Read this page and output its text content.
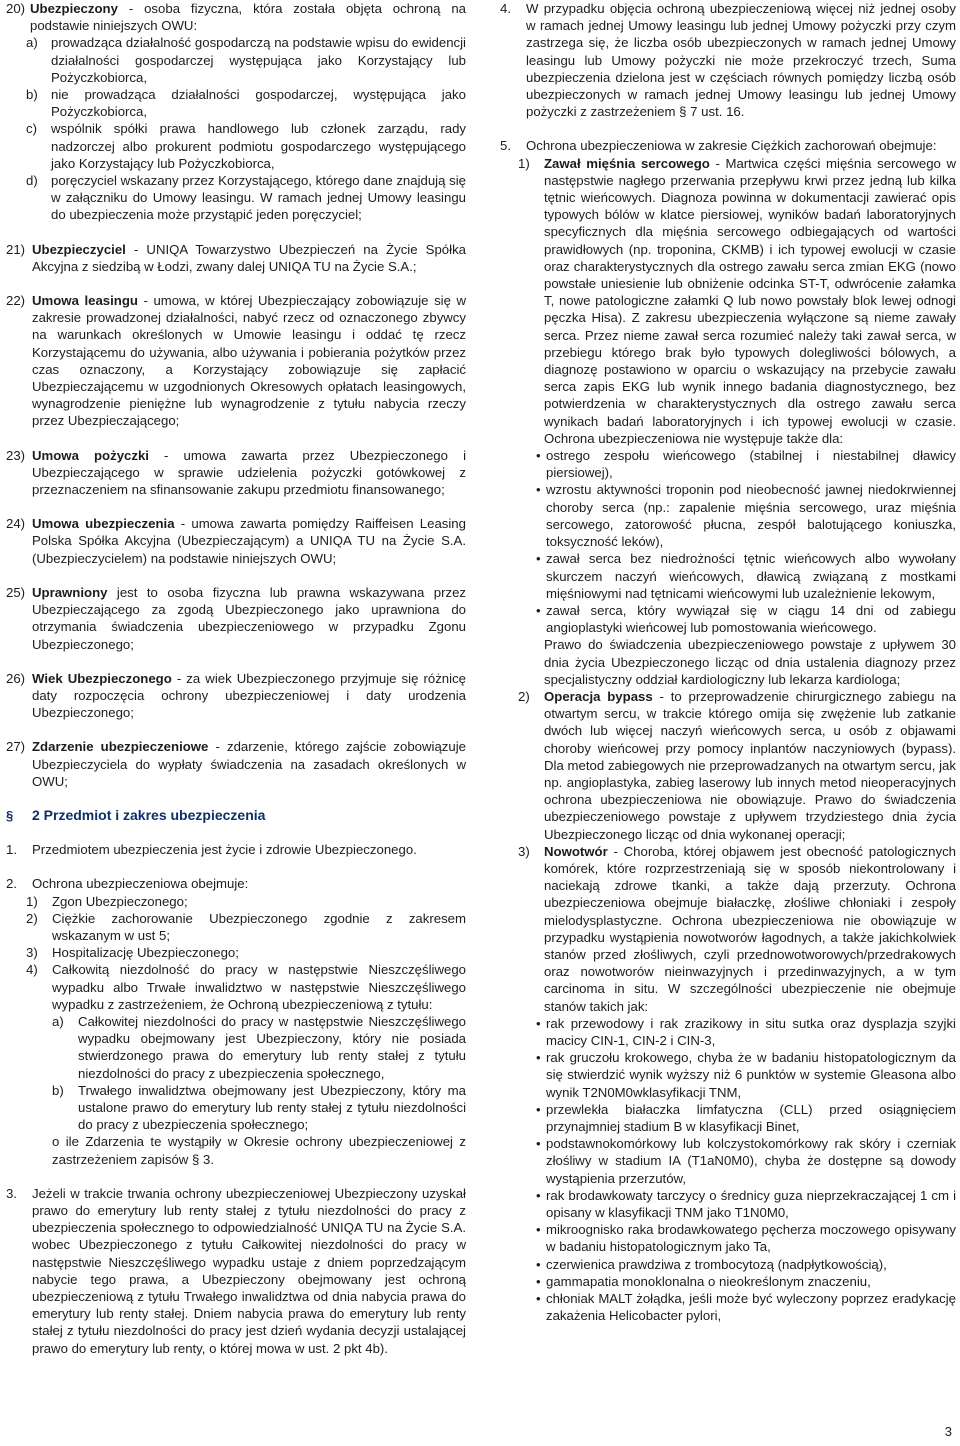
20) Ubezpieczony - osoba fizyczna, która została objęta ochroną na podstawie niniejszych OWU:

a)	prowadząca działalność gospodarczą na podstawie wpisu do ewidencji działalności gospodarczej występująca jako Korzystający lub Pożyczkobiorca,

b)	nie prowadząca działalności gospodarczej, występująca jako Pożyczkobiorca,

c)	wspólnik spółki prawa handlowego lub członek zarządu, rady nadzorczej albo prokurent podmiotu gospodarczego występującego jako Korzystający lub Pożyczkobiorca,

d)	poręczyciel wskazany przez Korzystającego, którego dane znajdują się w załączniku do Umowy leasingu. W ramach jednej Umowy leasingu do ubezpieczenia może przystąpić jeden poręczyciel;

21) Ubezpieczyciel - UNIQA Towarzystwo Ubezpieczeń na Życie Spółka Akcyjna z siedzibą w Łodzi, zwany dalej UNIQA TU na Życie S.A.;

22) Umowa leasingu - umowa, w której Ubezpieczający zobowiązuje się w zakresie prowadzonej działalności, nabyć rzecz od oznaczonego zbywcy na warunkach określonych w Umowie leasingu i oddać tę rzecz Korzystającemu do używania, albo używania i pobierania pożytków przez czas oznaczony, a Korzystający zobowiązuje się zapłacić Ubezpieczającemu w uzgodnionych Okresowych opłatach leasingowych, wynagrodzenie pieniężne lub wynagrodzenie z tytułu nabycia rzeczy przez Ubezpieczającego;

23) Umowa pożyczki - umowa zawarta przez Ubezpieczonego i Ubezpieczającego w sprawie udzielenia pożyczki gotówkowej z przeznaczeniem na sfinansowanie zakupu przedmiotu finansowanego;

24) Umowa ubezpieczenia - umowa zawarta pomiędzy Raiffeisen Leasing Polska Spółka Akcyjna (Ubezpieczającym) a UNIQA TU na Życie S.A. (Ubezpieczycielem) na podstawie niniejszych OWU;

25) Uprawniony jest to osoba fizyczna lub prawna wskazywana przez Ubezpieczającego za zgodą Ubezpieczonego jako uprawniona do otrzymania świadczenia ubezpieczeniowego w przypadku Zgonu Ubezpieczonego;

26) Wiek Ubezpieczonego - za wiek Ubezpieczonego przyjmuje się różnicę daty rozpoczęcia ochrony ubezpieczeniowej i daty urodzenia Ubezpieczonego;

27) Zdarzenie ubezpieczeniowe - zdarzenie, którego zajście zobowiązuje Ubezpieczyciela do wypłaty świadczenia na zasadach określonych w OWU;

§	2 Przedmiot i zakres ubezpieczenia
1.	Przedmiotem ubezpieczenia jest życie i zdrowie Ubezpieczonego.

2.	Ochrona ubezpieczeniowa obejmuje:

1)	Zgon Ubezpieczonego;

2)	Ciężkie zachorowanie Ubezpieczonego zgodnie z zakresem wskazanym w ust 5;

3)	Hospitalizację Ubezpieczonego;

4)	Całkowitą niezdolność do pracy w następstwie Nieszczęśliwego wypadku albo Trwałe inwalidztwo w następstwie Nieszczęśliwego wypadku z zastrzeżeniem, że Ochroną ubezpieczeniową z tytułu:

a)	Całkowitej niezdolności do pracy w następstwie Nieszczęśliwego wypadku obejmowany jest Ubezpieczony, który nie posiada stwierdzonego prawa do emerytury lub renty stałej z tytułu niezdolności do pracy z ubezpieczenia społecznego,

b)	Trwałego inwalidztwa obejmowany jest Ubezpieczony, który ma ustalone prawo do emerytury lub renty stałej z tytułu niezdolności do pracy z ubezpieczenia społecznego;

o ile Zdarzenia te wystąpiły w Okresie ochrony ubezpieczeniowej z zastrzeżeniem zapisów § 3.

3.	Jeżeli w trakcie trwania ochrony ubezpieczeniowej Ubezpieczony uzyskał prawo do emerytury lub renty stałej z tytułu niezdolności do pracy z ubezpieczenia społecznego to odpowiedzialność UNIQA TU na Życie S.A. wobec Ubezpieczonego z tytułu Całkowitej niezdolności do pracy w następstwie Nieszczęśliwego wypadku ustaje z dniem poprzedzającym nabycie tego prawa, a Ubezpieczony obejmowany jest ochroną ubezpieczeniową z tytułu Trwałego inwalidztwa od dnia nabycia prawa do emerytury lub renty stałej. Dniem nabycia prawa do emerytury lub renty stałej z tytułu niezdolności do pracy jest dzień wydania decyzji ustalającej prawo do emerytury lub renty, o której mowa w ust. 2 pkt 4b).

4.	W przypadku objęcia ochroną ubezpieczeniową więcej niż jednej osoby w ramach jednej Umowy leasingu lub jednej Umowy pożyczki przy czym zastrzega się, że liczba osób ubezpieczonych w ramach jednej Umowy leasingu lub Umowy pożyczki nie może przekroczyć trzech, Suma ubezpieczenia dzielona jest w częściach równych pomiędzy liczbą osób ubezpieczonych w ramach jednej Umowy leasingu lub jednej Umowy pożyczki z zastrzeżeniem § 7 ust. 16.

5.	Ochrona ubezpieczeniowa w zakresie Ciężkich zachorowań obejmuje:

1)	Zawał mięśnia sercowego - Martwica części mięśnia sercowego w następstwie nagłego przerwania przepływu krwi przez jedną lub kilka tętnic wieńcowych. Diagnoza powinna w dokumentacji zawierać opis typowych bólów w klatce piersiowej, wyników badań laboratoryjnych specyficznych dla mięśnia sercowego odbiegających od wartości prawidłowych (np. troponina, CKMB) i ich typowej ewolucji w czasie oraz charakterystycznych dla ostrego zawału serca zmian EKG (nowo powstałe uniesienie lub obniżenie odcinka ST-T, odwrócenie załamka T, nowe patologiczne załamki Q lub nowo powstały blok lewej odnogi pęczka Hisa). Z zakresu ubezpieczenia wyłączone są nieme zawały serca. Przez nieme zawał serca rozumieć należy taki zawał serca, w przebiegu którego brak było typowych dolegliwości bólowych, a diagnozę postawiono w oparciu o wskazujący na przebycie zawału serca zapis EKG lub wynik innego badania diagnostycznego, bez potwierdzenia w charakterystycznych dla ostrego zawału serca wynikach badań laboratoryjnych i ich typowej ewolucji w czasie. Ochrona ubezpieczeniowa nie występuje także dla:

• ostrego zespołu wieńcowego (stabilnej i niestabilnej dławicy piersiowej),
• wzrostu aktywności troponin pod nieobecność jawnej niedokrwiennej choroby serca (np.: zapalenie mięśnia sercowego, uraz mięśnia sercowego, zatorowość płucna, zespół balotującego koniuszka, toksyczność leków),
• zawał serca bez niedrożności tętnic wieńcowych albo wywołany skurczem naczyń wieńcowych, dławicą związaną z mostkami mięśniowymi nad tętnicami wieńcowymi lub uzależnienie lekowym,
• zawał serca, który wywiązał się w ciągu 14 dni od zabiegu angioplastyki wieńcowej lub pomostowania wieńcowego.

Prawo do świadczenia ubezpieczeniowego powstaje z upływem 30 dnia życia Ubezpieczonego licząc od dnia ustalenia diagnozy przez specjalistyczny oddział kardiologiczny lub lekarza kardiologa;

2)	Operacja bypass - to przeprowadzenie chirurgicznego zabiegu na otwartym sercu, w trakcie którego omija się zwężenie lub zatkanie dwóch lub więcej naczyń wieńcowych serca, u osób z objawami choroby wieńcowej przy pomocy inplantów naczyniowych (bypass). Dla metod zabiegowych nie przeprowadzanych na otwartym sercu, jak np. angioplastyka, zabieg laserowy lub innych metod nieoperacyjnych ochrona ubezpieczeniowa nie obowiązuje. Prawo do świadczenia ubezpieczeniowego powstaje z upływem trzydziestego dnia życia Ubezpieczonego licząc od dnia wykonanej operacji;

3)	Nowotwór - Choroba, której objawem jest obecność patologicznych komórek, które rozprzestrzeniają się w sposób niekontrolowany i naciekają zdrowe tkanki, a także dają przerzuty. Ochrona ubezpieczeniowa obejmuje białaczkę, złośliwe chłoniaki i zespoły mielodysplastyczne. Ochrona ubezpieczeniowa nie obowiązuje w przypadku wystąpienia nowotworów łagodnych, a także jakichkolwiek stanów przed złośliwych, czyli przednowotworowych/przedrakowych oraz nowotworów nieinwazyjnych i przedinwazyjnych, a w tym carcinoma in situ. W szczególności ubezpieczenie nie obejmuje stanów takich jak:

• rak przewodowy i rak zrazikowy in situ sutka oraz dysplazja szyjki macicy CIN-1, CIN-2 i CIN-3,
• rak gruczołu krokowego, chyba że w badaniu histopatologicznym da się stwierdzić wynik wyższy niż 6 punktów w systemie Gleasona albo wynik T2N0M0wklasyfikacji TNM,
• przewlekła białaczka limfatyczna (CLL) przed osiągnięciem przynajmniej stadium B w klasyfikacji Binet,
• podstawnokomórkowy lub kolczystokomórkowy rak skóry i czerniak złośliwy w stadium IA (T1aN0M0), chyba że dostępne są dowody wystąpienia przerzutów,
• rak brodawkowaty tarczycy o średnicy guza nieprzekraczającej 1 cm i opisany w klasyfikacji TNM jako T1N0M0,
• mikroognisko raka brodawkowatego pęcherza moczowego opisywany w badaniu histopatologicznym jako Ta,
• czerwienica prawdziwa z trombocytozą (nadpłytkowością),
• gammapatia monoklonalna o nieokreślonym znaczeniu,
• chłoniak MALT żołądka, jeśli może być wyleczony poprzez eradykację zakażenia Helicobacter pylori,
3
